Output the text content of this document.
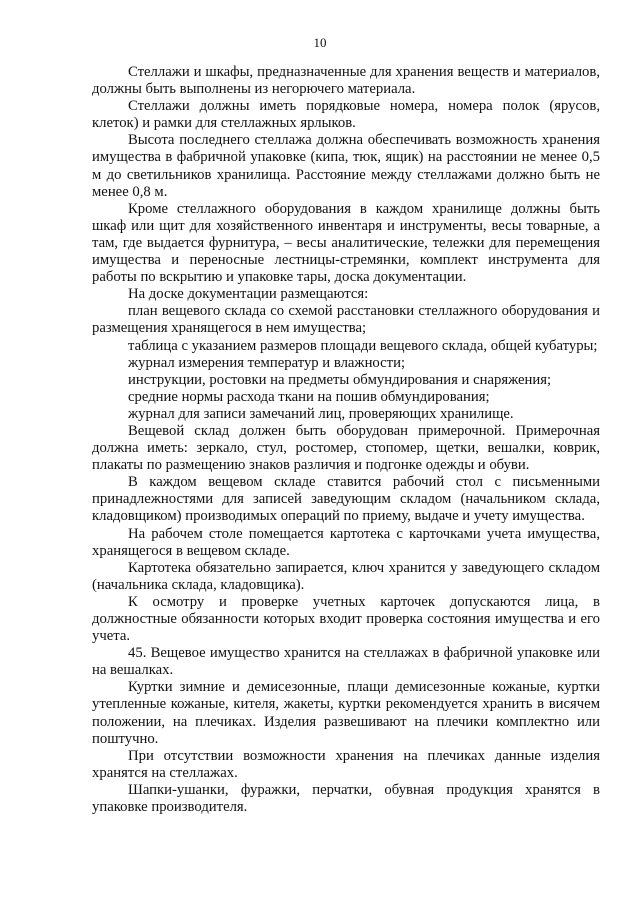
10

Стеллажи и шкафы, предназначенные для хранения веществ и материалов, должны быть выполнены из негорючего материала.

Стеллажи должны иметь порядковые номера, номера полок (ярусов, клеток) и рамки для стеллажных ярлыков.

Высота последнего стеллажа должна обеспечивать возможность хранения имущества в фабричной упаковке (кипа, тюк, ящик) на расстоянии не менее 0,5 м до светильников хранилища. Расстояние между стеллажами должно быть не менее 0,8 м.

Кроме стеллажного оборудования в каждом хранилище должны быть шкаф или щит для хозяйственного инвентаря и инструменты, весы товарные, а там, где выдается фурнитура, – весы аналитические, тележки для перемещения имущества и переносные лестницы-стремянки, комплект инструмента для работы по вскрытию и упаковке тары, доска документации.

На доске документации размещаются:

план вещевого склада со схемой расстановки стеллажного оборудования и размещения хранящегося в нем имущества;

таблица с указанием размеров площади вещевого склада, общей кубатуры;

журнал измерения температур и влажности;

инструкции, ростовки на предметы обмундирования и снаряжения;

средние нормы расхода ткани на пошив обмундирования;

журнал для записи замечаний лиц, проверяющих хранилище.

Вещевой склад должен быть оборудован примерочной. Примерочная должна иметь: зеркало, стул, ростомер, стопомер, щетки, вешалки, коврик, плакаты по размещению знаков различия и подгонке одежды и обуви.

В каждом вещевом складе ставится рабочий стол с письменными принадлежностями для записей заведующим складом (начальником склада, кладовщиком) производимых операций по приему, выдаче и учету имущества.

На рабочем столе помещается картотека с карточками учета имущества, хранящегося в вещевом складе.

Картотека обязательно запирается, ключ хранится у заведующего складом (начальника склада, кладовщика).

К осмотру и проверке учетных карточек допускаются лица, в должностные обязанности которых входит проверка состояния имущества и его учета.

45. Вещевое имущество хранится на стеллажах в фабричной упаковке или на вешалках.

Куртки зимние и демисезонные, плащи демисезонные кожаные, куртки утепленные кожаные, кителя, жакеты, куртки рекомендуется хранить в висячем положении, на плечиках. Изделия развешивают на плечики комплектно или поштучно.

При отсутствии возможности хранения на плечиках данные изделия хранятся на стеллажах.

Шапки-ушанки, фуражки, перчатки, обувная продукция хранятся в упаковке производителя.
